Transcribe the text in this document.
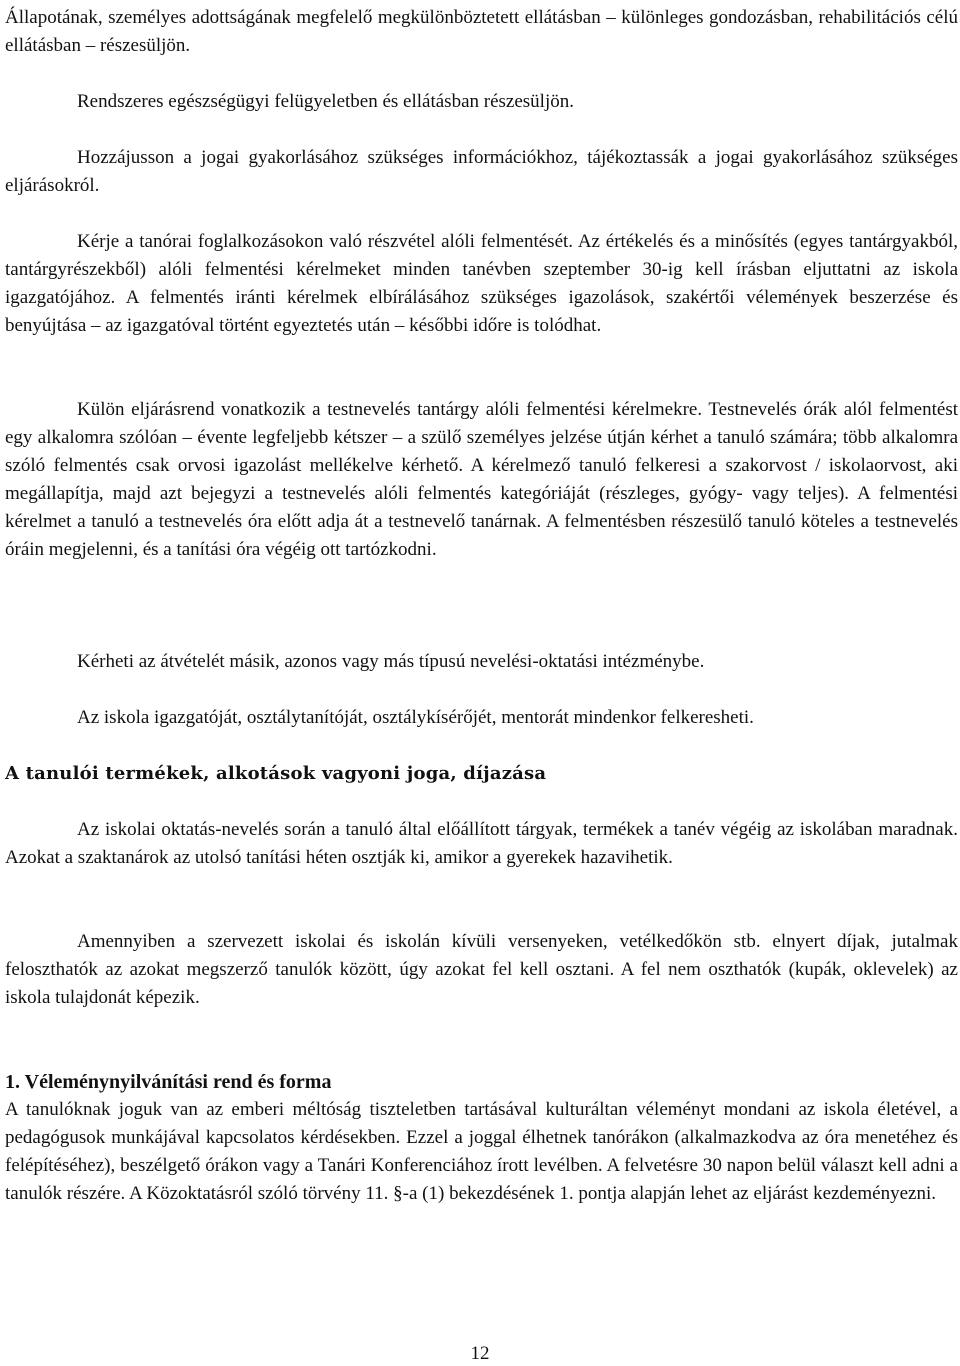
Állapotának, személyes adottságának megfelelő megkülönböztetett ellátásban – különleges gondozásban, rehabilitációs célú ellátásban – részesüljön.

Rendszeres egészségügyi felügyeletben és ellátásban részesüljön.

Hozzájusson a jogai gyakorlásához szükséges információkhoz, tájékoztassák a jogai gyakorlásához szükséges eljárásokról.

Kérje a tanórai foglalkozásokon való részvétel alóli felmentését. Az értékelés és a minősítés (egyes tantárgyakból, tantárgyrészekből) alóli felmentési kérelmeket minden tanévben szeptember 30-ig kell írásban eljuttatni az iskola igazgatójához. A felmentés iránti kérelmek elbírálásához szükséges igazolások, szakértői vélemények beszerzése és benyújtása – az igazgatóval történt egyeztetés után – későbbi időre is tolódhat.

Külön eljárásrend vonatkozik a testnevelés tantárgy alóli felmentési kérelmekre. Testnevelés órák alól felmentést egy alkalomra szólóan – évente legfeljebb kétszer – a szülő személyes jelzése útján kérhet a tanuló számára; több alkalomra szóló felmentés csak orvosi igazolást mellékelve kérhető. A kérelmező tanuló felkeresi a szakorvost / iskolaorvost, aki megállapítja, majd azt bejegyzi a testnevelés alóli felmentés kategóriáját (részleges, gyógy- vagy teljes). A felmentési kérelmet a tanuló a testnevelés óra előtt adja át a testnevelő tanárnak. A felmentésben részesülő tanuló köteles a testnevelés óráin megjelenni, és a tanítási óra végéig ott tartózkodni.

Kérheti az átvételét másik, azonos vagy más típusú nevelési-oktatási intézménybe.

Az iskola igazgatóját, osztálytanítóját, osztálykísérőjét, mentorát mindenkor felkeresheti.

A tanulói termékek, alkotások vagyoni joga, díjazása

Az iskolai oktatás-nevelés során a tanuló által előállított tárgyak, termékek a tanév végéig az iskolában maradnak. Azokat a szaktanárok az utolsó tanítási héten osztják ki, amikor a gyerekek hazavihetik.

Amennyiben a szervezett iskolai és iskolán kívüli versenyeken, vetélkedőkön stb. elnyert díjak, jutalmak feloszthatók az azokat megszerző tanulók között, úgy azokat fel kell osztani. A fel nem oszthatók (kupák, oklevelek) az iskola tulajdonát képezik.

1. Véleménynyilvánítási rend és forma

A tanulóknak joguk van az emberi méltóság tiszteletben tartásával kulturáltan véleményt mondani az iskola életével, a pedagógusok munkájával kapcsolatos kérdésekben. Ezzel a joggal élhetnek tanórákon (alkalmazkodva az óra menetéhez és felépítéséhez), beszélgető órákon vagy a Tanári Konferenciához írott levélben. A felvetésre 30 napon belül választ kell adni a tanulók részére. A Közoktatásról szóló törvény 11. §-a (1) bekezdésének 1. pontja alapján lehet az eljárást kezdeményezni.

12
